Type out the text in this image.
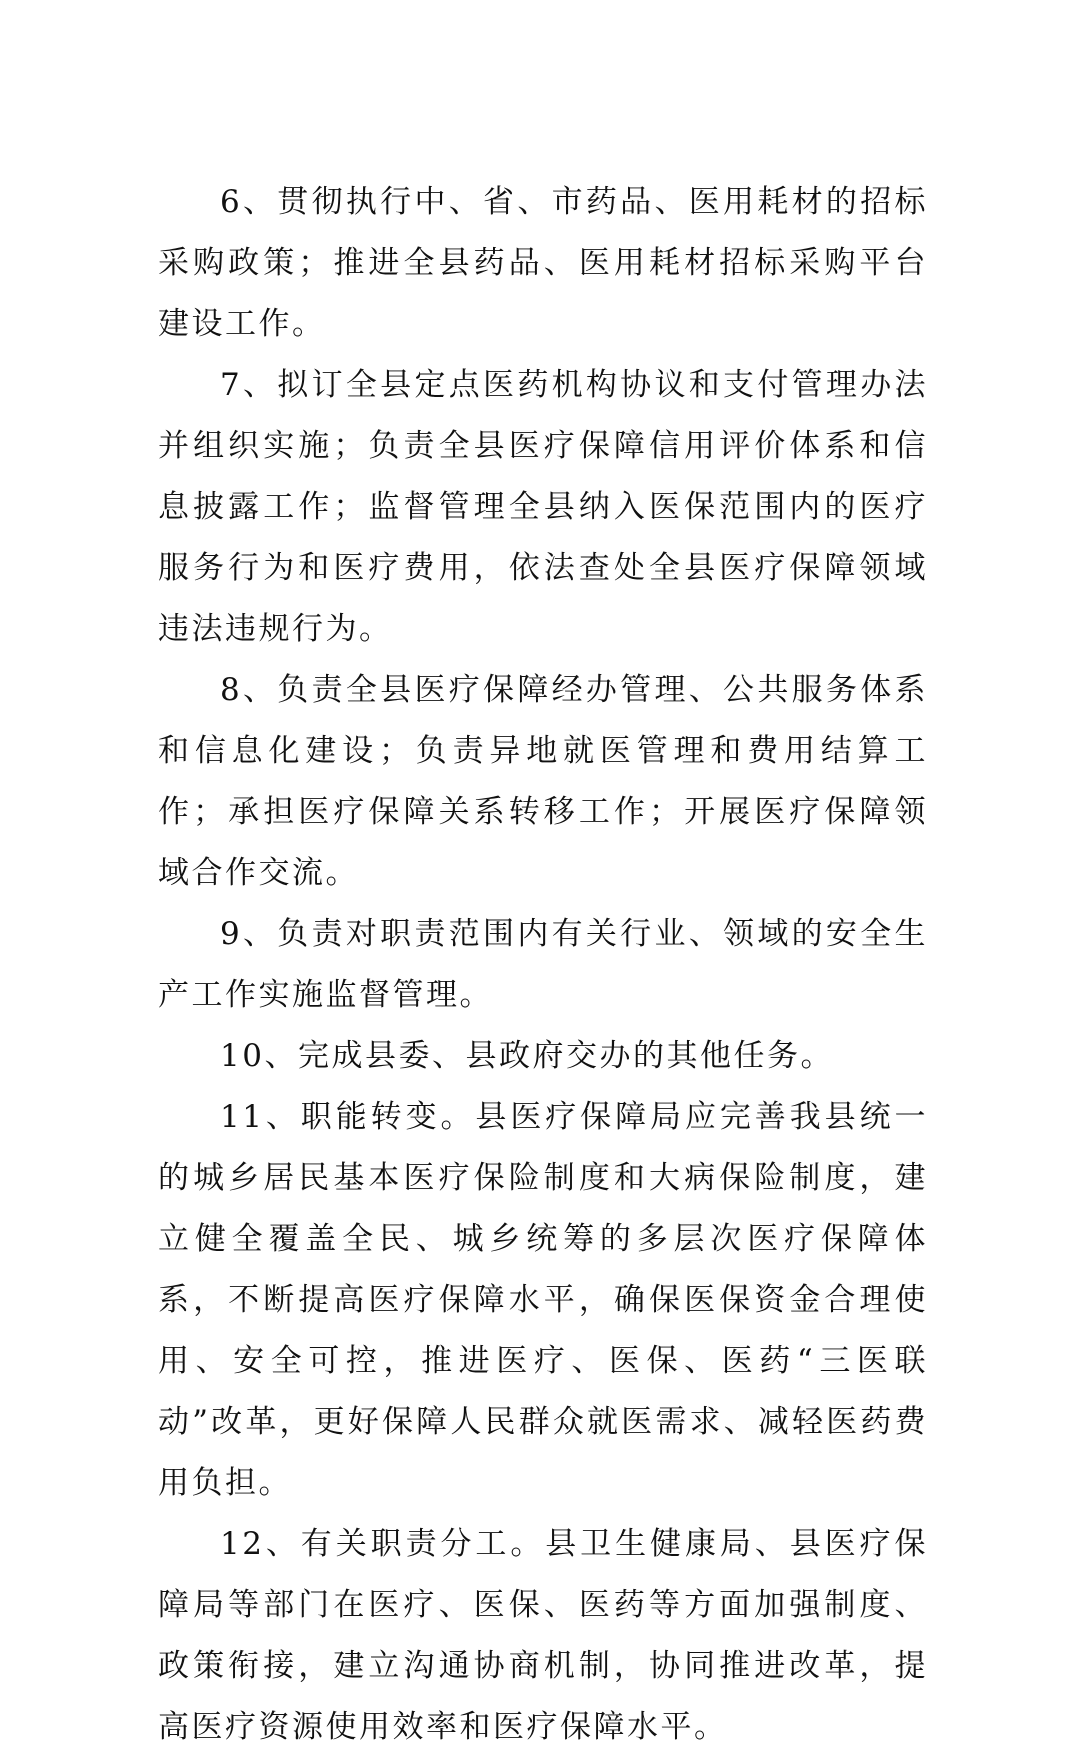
6、贯彻执行中、省、市药品、医用耗材的招标采购政策；推进全县药品、医用耗材招标采购平台建设工作。

7、拟订全县定点医药机构协议和支付管理办法并组织实施；负责全县医疗保障信用评价体系和信息披露工作；监督管理全县纳入医保范围内的医疗服务行为和医疗费用，依法查处全县医疗保障领域违法违规行为。

8、负责全县医疗保障经办管理、公共服务体系和信息化建设；负责异地就医管理和费用结算工作；承担医疗保障关系转移工作；开展医疗保障领域合作交流。

9、负责对职责范围内有关行业、领域的安全生产工作实施监督管理。

10、完成县委、县政府交办的其他任务。

11、职能转变。县医疗保障局应完善我县统一的城乡居民基本医疗保险制度和大病保险制度，建立健全覆盖全民、城乡统筹的多层次医疗保障体系，不断提高医疗保障水平，确保医保资金合理使用、安全可控，推进医疗、医保、医药“三医联动”改革，更好保障人民群众就医需求、减轻医药费用负担。

12、有关职责分工。县卫生健康局、县医疗保障局等部门在医疗、医保、医药等方面加强制度、政策衔接，建立沟通协商机制，协同推进改革，提高医疗资源使用效率和医疗保障水平。
